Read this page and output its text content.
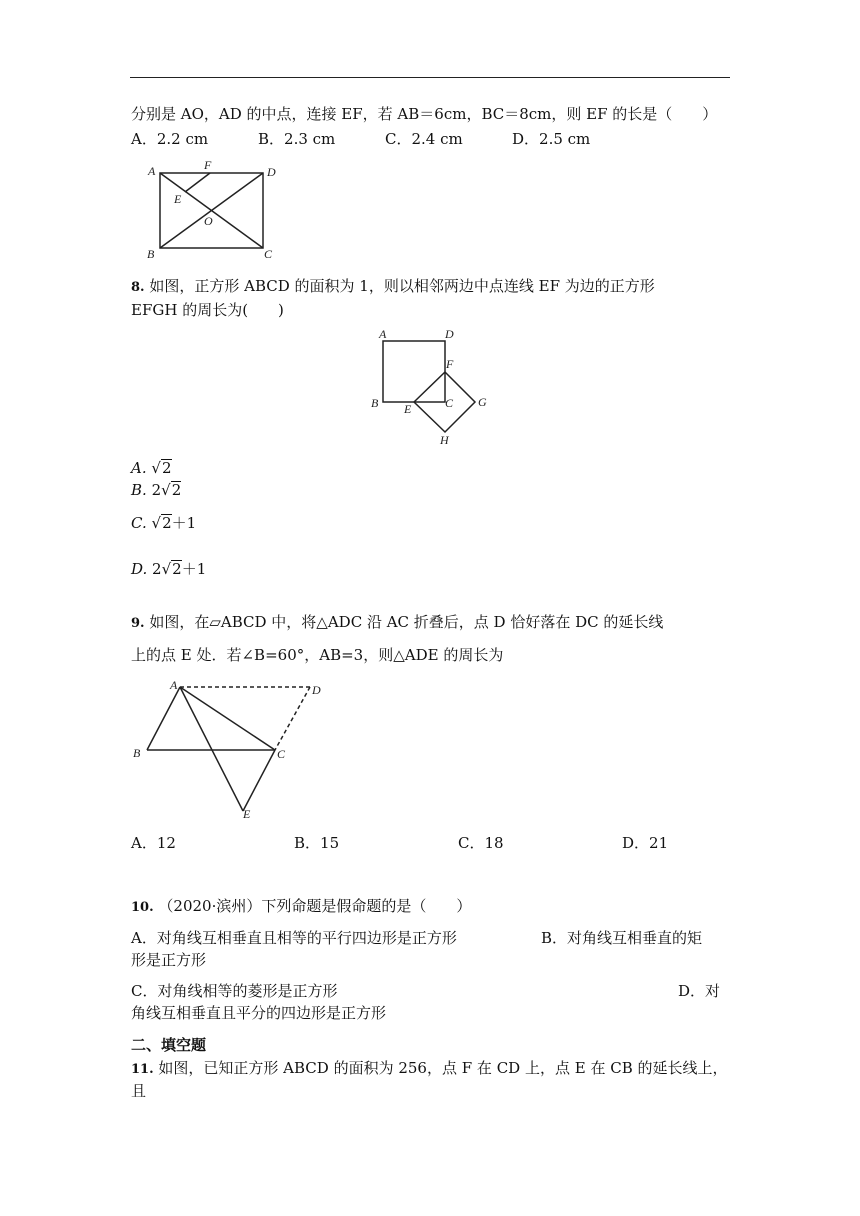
分别是 AO，AD 的中点，连接 EF，若 AB＝6cm，BC＝8cm，则 EF 的长是（　　）
A．2.2 cm	B．2.3 cm	C．2.4 cm	D．2.5 cm
A	F	D
E
O
B	C
8. 如图，正方形 ABCD 的面积为 1，则以相邻两边中点连线 EF 为边的正方形
EFGH 的周长为(　　)
A	D
F
G
B E	C
H
A. √2
B. 2√2
C. √2＋1
D. 2√2＋1
9. 如图，在▱ABCD 中，将△ADC 沿 AC 折叠后，点 D 恰好落在 DC 的延长线
上的点 E 处．若∠B=60°，AB=3，则△ADE 的周长为
A	D
B	C
E
A．12	B．15	C．18	D．21
10. （2020·滨州）下列命题是假命题的是（　　）
A．对角线互相垂直且相等的平行四边形是正方形	B．对角线互相垂直的矩
形是正方形
C．对角线相等的菱形是正方形	D．对
角线互相垂直且平分的四边形是正方形
二、填空题
11. 如图，已知正方形 ABCD 的面积为 256，点 F 在 CD 上，点 E 在 CB 的延长线上，
且
